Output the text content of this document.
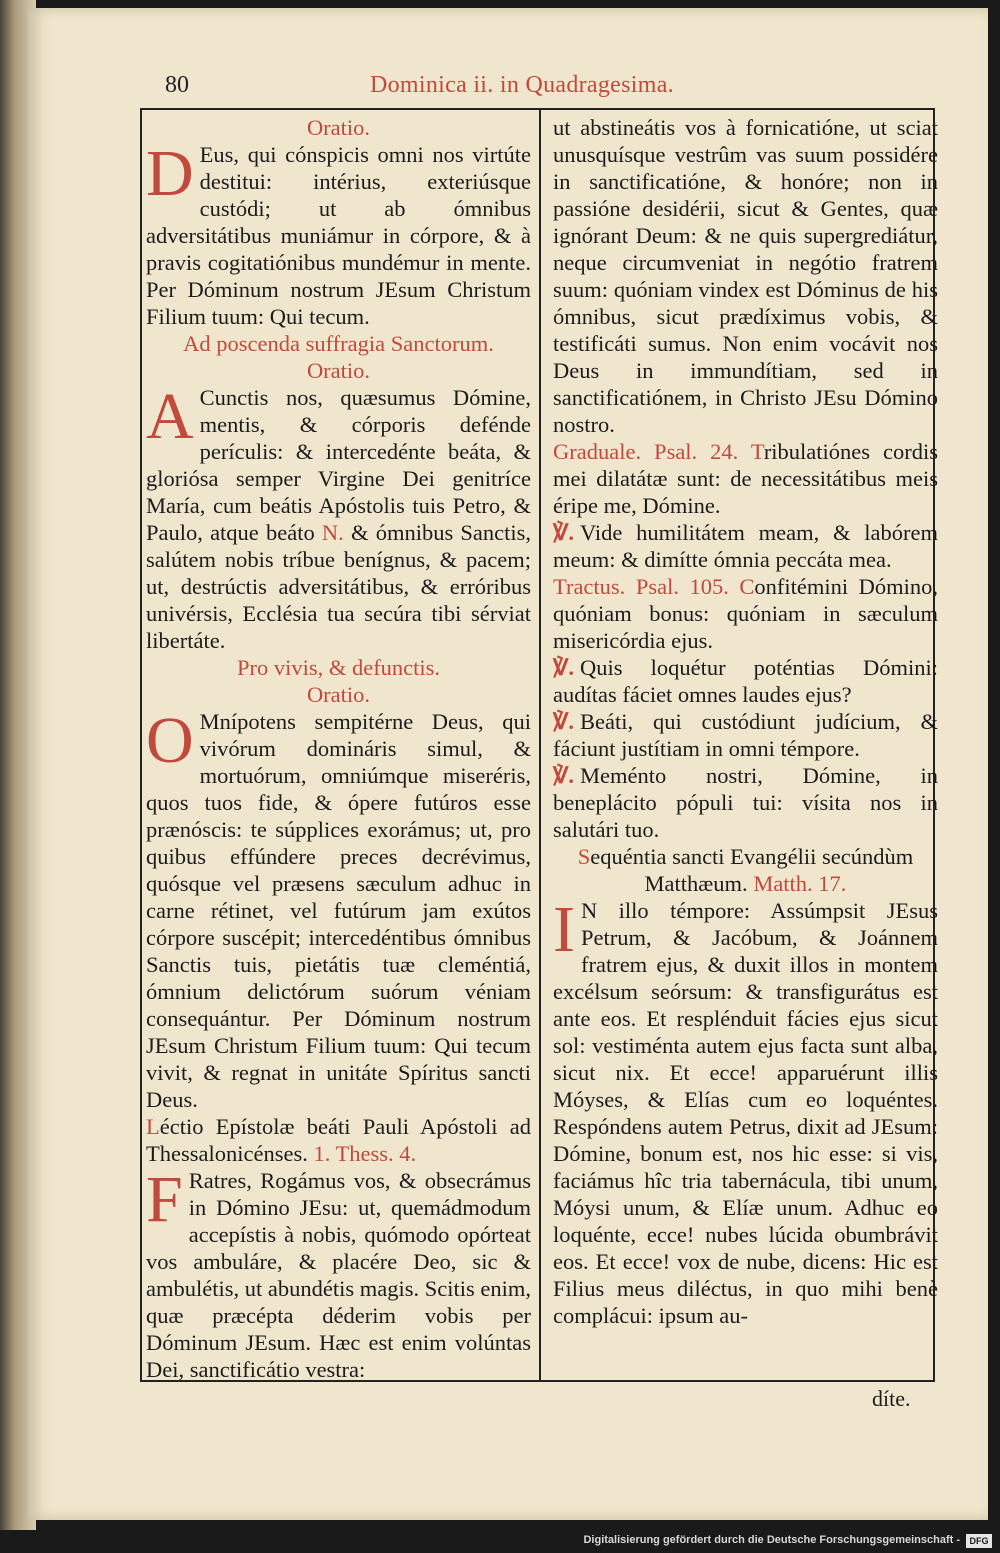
80	Dominica ii. in Quadragesima.

Oratio.

D Eus, qui cónspicis omni nos virtúte destitui: intérius, exteriúsque custódi; ut ab ómnibus adversitátibus muniámur in córpore, & à pravis cogitatiónibus mundémur in mente. Per Dóminum nostrum JEsum Christum Filium tuum: Qui tecum.

Ad poscenda suffragia Sanctorum.

Oratio.

A Cunctis nos, quæsumus Dómine, mentis, & córporis defénde perículis: & intercedénte beáta, & gloriósa semper Virgine Dei genitríce María, cum beátis Apóstolis tuis Petro, & Paulo, atque beáto N. & ómnibus Sanctis, salútem nobis tríbue benígnus, & pacem; ut, destrúctis adversitátibus, & erróribus univérsis, Ecclésia tua secúra tibi sérviat libertáte.

Pro vivis, & defunctis.

Oratio.

O Mnípotens sempitérne Deus, qui vivórum domináris simul, & mortuórum, omniúmque miseréris, quos tuos fide, & ópere futúros esse prænóscis: te súpplices exorámus; ut, pro quibus effúndere preces decrévimus, quósque vel præsens sæculum adhuc in carne rétinet, vel futúrum jam exútos córpore suscépit; intercedéntibus ómnibus Sanctis tuis, pietátis tuæ cleméntiá, ómnium delictórum suórum véniam consequántur. Per Dóminum nostrum JEsum Christum Filium tuum: Qui tecum vivit, & regnat in unitáte Spíritus sancti Deus.

Léctio Epístolæ beáti Pauli Apóstoli ad Thessalonicénses. 1. Thess. 4.

F Ratres, Rogámus vos, & obsecrámus in Dómino JEsu: ut, quemádmodum accepístis à nobis, quómodo opórteat vos ambuláre, & placére Deo, sic & ambulétis, ut abundétis magis. Scitis enim, quæ præcépta déderim vobis per Dóminum JEsum. Hæc est enim volúntas Dei, sanctificátio vestra:

ut abstineátis vos à fornicatióne, ut sciat unusquísque vestrûm vas suum possidére in sanctificatióne, & honóre; non in passióne desidérii, sicut & Gentes, quæ ignórant Deum: & ne quis supergrediátur, neque circumveniat in negótio fratrem suum: quóniam vindex est Dóminus de his ómnibus, sicut prædíximus vobis, & testificáti sumus. Non enim vocávit nos Deus in immundítiam, sed in sanctificatiónem, in Christo JEsu Dómino nostro.

Graduale. Psal. 24. Tribulatiónes cordis mei dilatátæ sunt: de necessitátibus meis éripe me, Dómine.

℣. Vide humilitátem meam, & labórem meum: & dimítte ómnia peccáta mea.

Tractus. Psal. 105. Confitémini Dómino, quóniam bonus: quóniam in sæculum misericórdia ejus.

℣. Quis loquétur poténtias Dómini: audítas fáciet omnes laudes ejus?

℣. Beáti, qui custódiunt judícium, & fáciunt justítiam in omni témpore.

℣. Meménto nostri, Dómine, in beneplácito pópuli tui: vísita nos in salutári tuo.

Sequéntia sancti Evangélii secúndùm Matthæum. Matth. 17.

I N illo témpore: Assúmpsit JEsus Petrum, & Jacóbum, & Joánnem fratrem ejus, & duxit illos in montem excélsum seórsum: & transfigurátus est ante eos. Et resplénduit fácies ejus sicut sol: vestiménta autem ejus facta sunt alba, sicut nix. Et ecce! apparuérunt illis Móyses, & Elías cum eo loquéntes. Respóndens autem Petrus, dixit ad JEsum: Dómine, bonum est, nos hic esse: si vis, faciámus hîc tria tabernácula, tibi unum, Móysi unum, & Elíæ unum. Adhuc eo loquénte, ecce! nubes lúcida obumbrávit eos. Et ecce! vox de nube, dicens: Hic est Filius meus diléctus, in quo mihi benè complácui: ipsum au-

díte.
Digitalisierung gefördert durch die Deutsche Forschungsgemeinschaft -	DFG
